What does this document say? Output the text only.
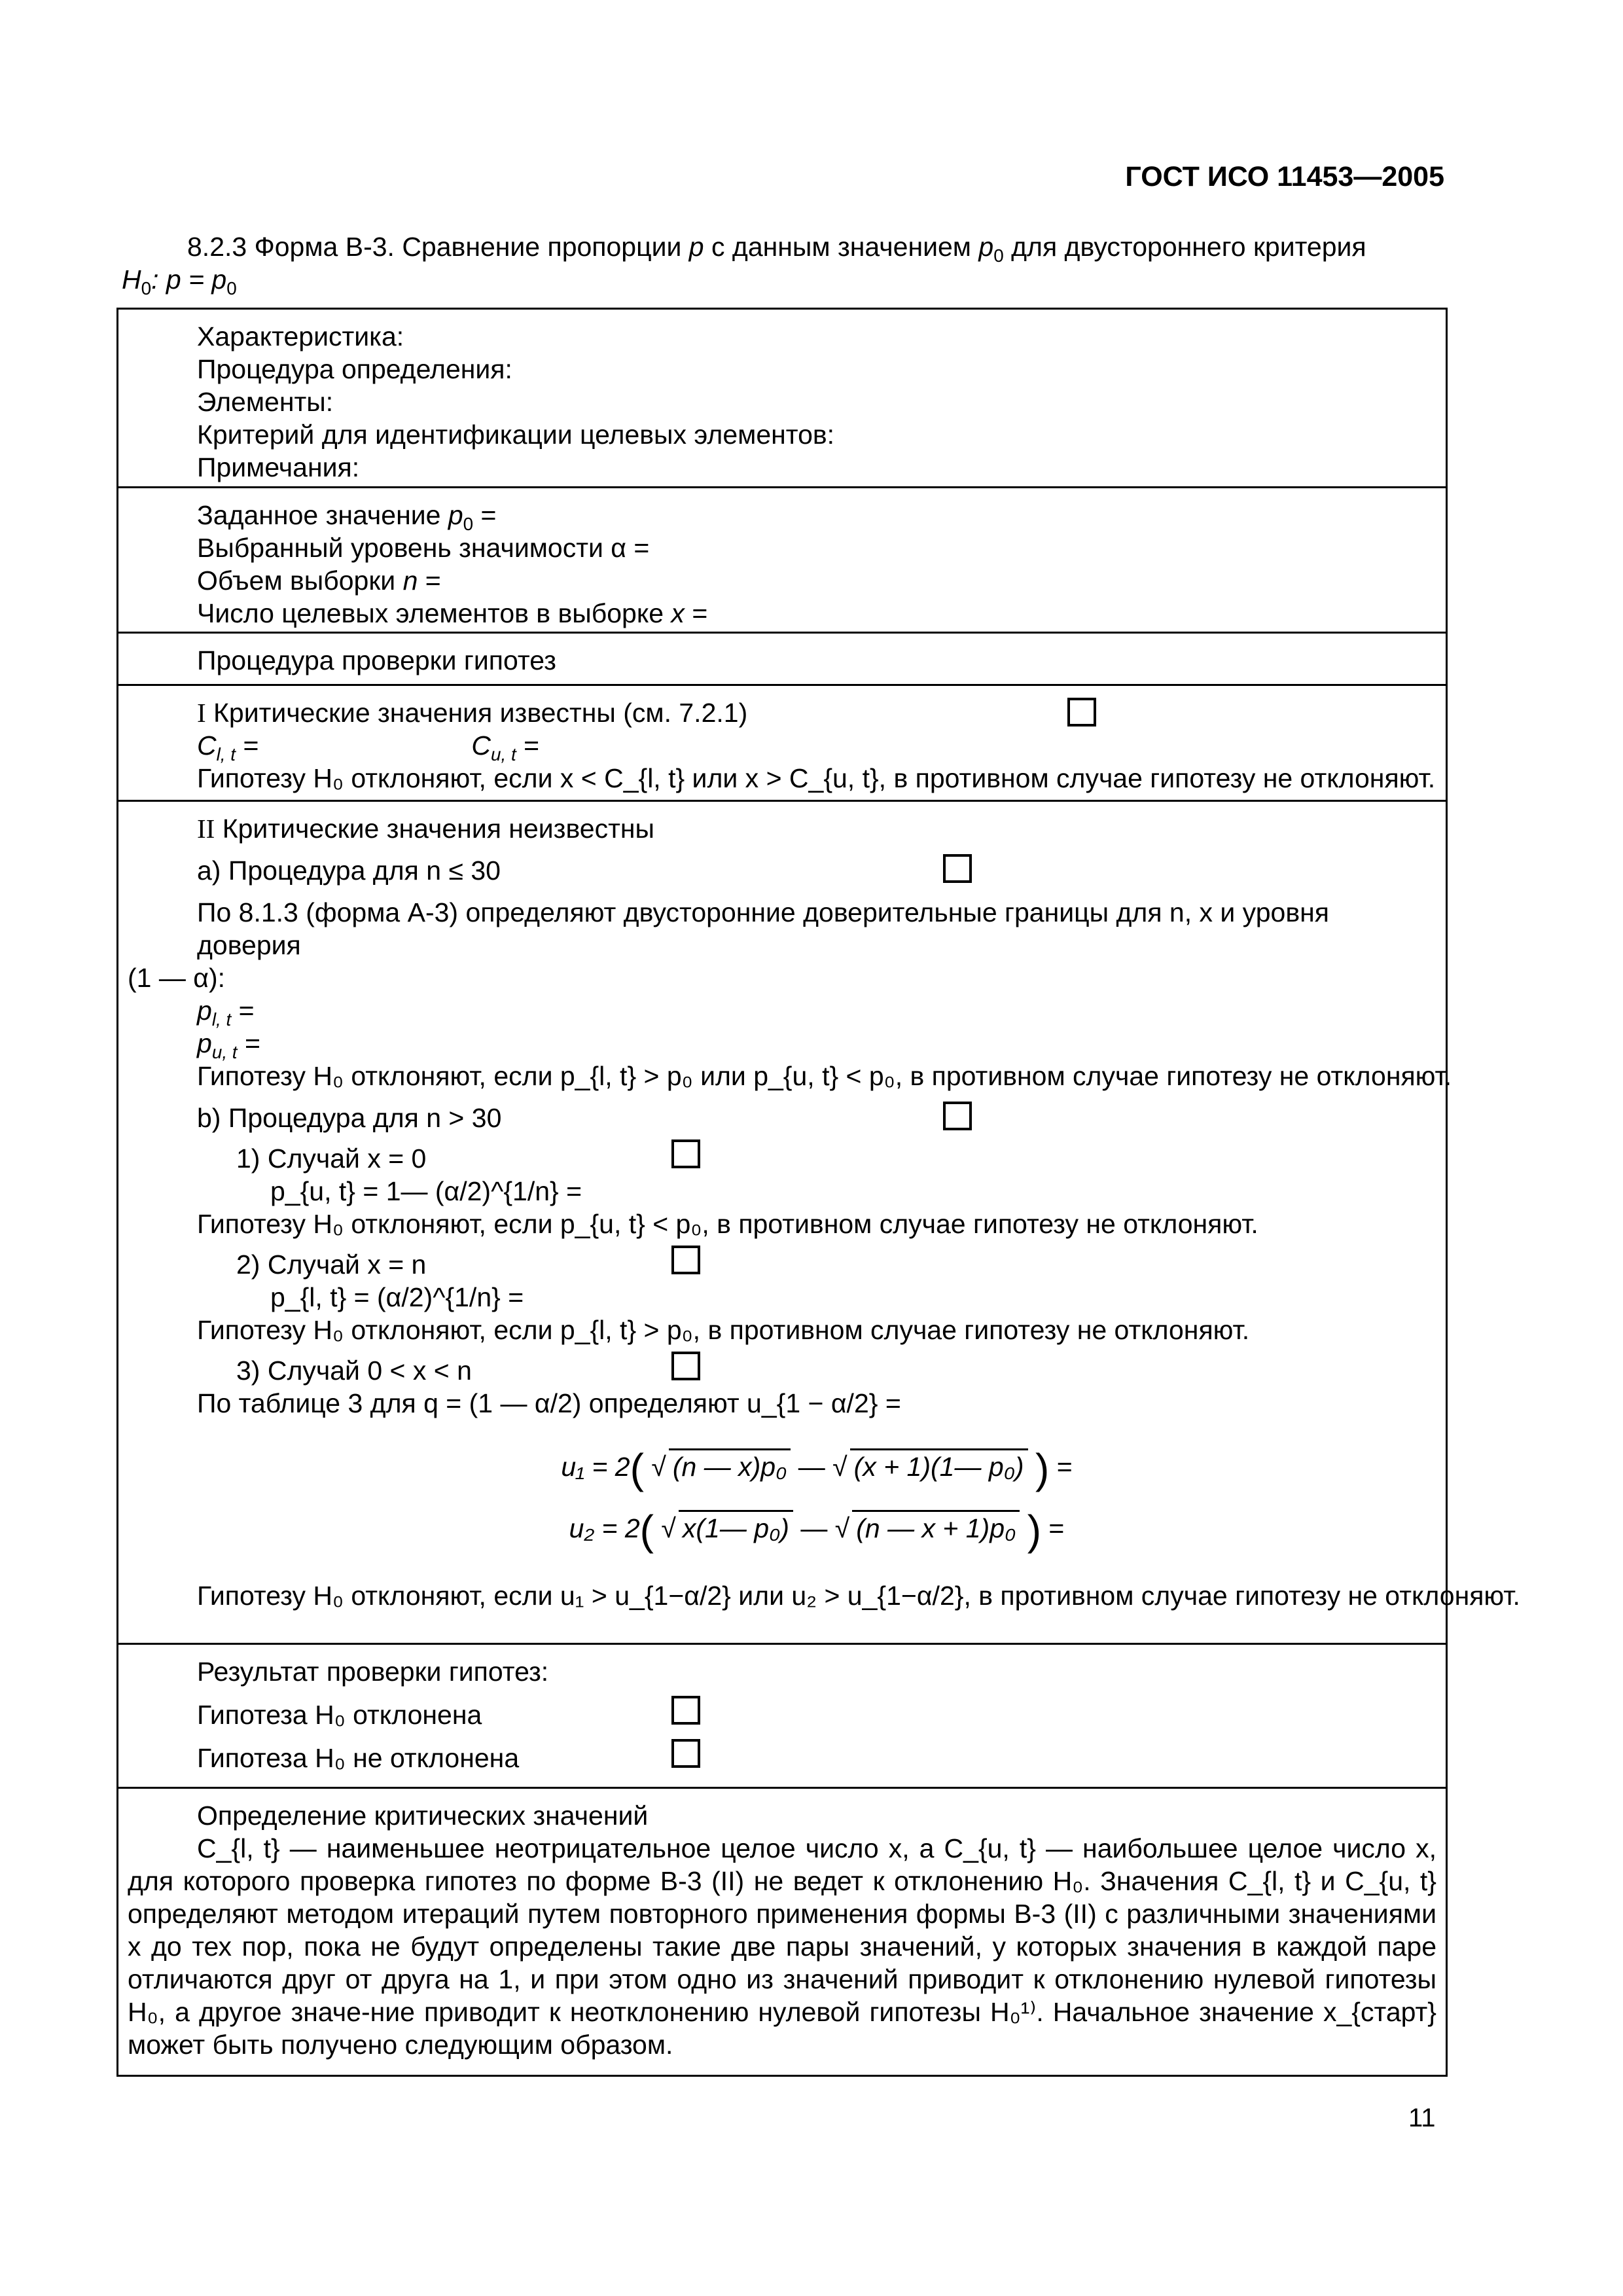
ГОСТ ИСО 11453—2005
8.2.3 Форма В-3. Сравнение пропорции p с данным значением $p_0$ для двустороннего критерия
$H_0$: $p = p_0$
Характеристика:
Процедура определения:
Элементы:
Критерий для идентификации целевых элементов:
Примечания:
Заданное значение $p_0$ =
Выбранный уровень значимости α =
Объем выборки n =
Число целевых элементов в выборке x =
Процедура проверки гипотез
I Критические значения известны (см. 7.2.1)
$C_{l, t}$ =	$C_{u, t}$ =
Гипотезу H₀ отклоняют, если x < C_{l, t} или x > C_{u, t}, в противном случае гипотезу не отклоняют.
II Критические значения неизвестны
a) Процедура для n ≤ 30
По 8.1.3 (форма А-3) определяют двусторонние доверительные границы для n, x и уровня доверия
(1 — α):
$p_{l, t}$ =
$p_{u, t}$ =
Гипотезу H₀ отклоняют, если p_{l, t} > p₀ или p_{u, t} < p₀, в противном случае гипотезу не отклоняют.
b) Процедура для n > 30
1) Случай x = 0
p_{u, t} = 1— (α/2)^{1/n} =
Гипотезу H₀ отклоняют, если p_{u, t} < p₀, в противном случае гипотезу не отклоняют.
2) Случай x = n
p_{l, t} = (α/2)^{1/n} =
Гипотезу H₀ отклоняют, если p_{l, t} > p₀, в противном случае гипотезу не отклоняют.
3) Случай 0 < x < n
По таблице 3 для q = (1 — α/2) определяют u_{1 − α/2} =
u₁ = 2( √ (n — x)p₀ — √ (x + 1)(1— p₀) ) =
u₂ = 2( √ x(1— p₀) — √ (n — x + 1)p₀ ) =
Гипотезу H₀ отклоняют, если u₁ > u_{1−α/2} или u₂ > u_{1−α/2}, в противном случае гипотезу не отклоняют.
Результат проверки гипотез:
Гипотеза H₀ отклонена
Гипотеза H₀ не отклонена
Определение критических значений
C_{l, t} — наименьшее неотрицательное целое число x, а C_{u, t} — наибольшее целое число x, для которого проверка гипотез по форме В-3 (II) не ведет к отклонению H₀. Значения C_{l, t} и C_{u, t} определяют методом итераций путем повторного применения формы В-3 (II) с различными значениями x до тех пор, пока не будут определены такие две пары значений, у которых значения в каждой паре отличаются друг от друга на 1, и при этом одно из значений приводит к отклонению нулевой гипотезы H₀, а другое значе-ние приводит к неотклонению нулевой гипотезы H₀¹⁾. Начальное значение x_{старт} может быть получено следующим образом.
11
